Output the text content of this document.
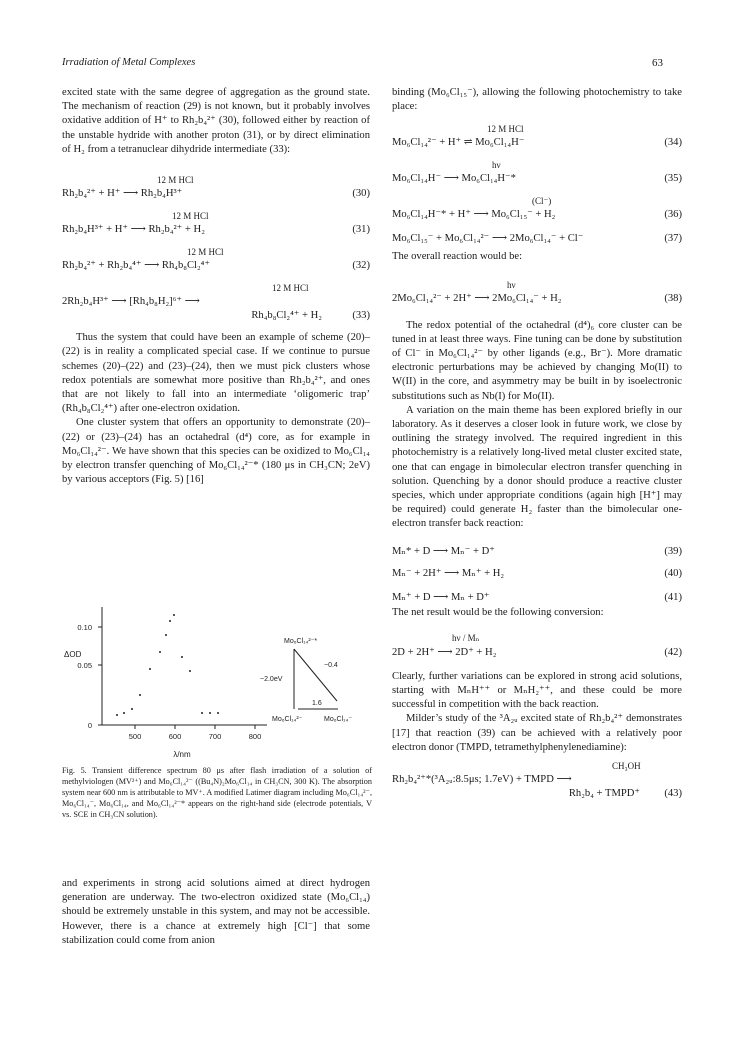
Irradiation of Metal Complexes	63

excited state with the same degree of aggregation as the ground state. The mechanism of reaction (29) is not known, but it probably involves oxidative addition of H⁺ to Rh₂b₄²⁺ (30), followed either by reaction of the unstable hydride with another proton (31), or by direct elimination of H₂ from a tetranuclear dihydride intermediate (33):

12 M HCl
Rh₂b₄²⁺ + H⁺ ⟶ Rh₂b₄H³⁺	(30)
12 M HCl
Rh₂b₄H³⁺ + H⁺ ⟶ Rh₂b₄²⁺ + H₂	(31)
12 M HCl
Rh₂b₄²⁺ + Rh₂b₄⁴⁺ ⟶ Rh₄b₈Cl₂⁴⁺	(32)
12 M HCl
2Rh₂b₄H³⁺ ⟶ [Rh₄b₈H₂]⁶⁺ ⟶
Rh₄b₈Cl₂⁴⁺ + H₂	(33)

Thus the system that could have been an example of scheme (20)–(22) is in reality a complicated special case. If we continue to pursue schemes (20)–(22) and (23)–(24), then we must pick clusters whose redox potentials are somewhat more positive than Rh₂b₄²⁺, and ones that are not likely to fall into an intermediate ‘oligomeric trap’ (Rh₄b₈Cl₂⁴⁺) after one-electron oxidation.

One cluster system that offers an opportunity to demonstrate (20)–(22) or (23)–(24) has an octahedral (d⁴) core, as for example in Mo₆Cl₁₄²⁻. We have shown that this species can be oxidized to Mo₆Cl₁₄ by electron transfer quenching of Mo₆Cl₁₄²⁻* (180 μs in CH₃CN; 2eV) by various acceptors (Fig. 5) [16]

ΔOD
0
0.05
0.10
500	600	700	800
λ/nm
Mo₆Cl₁₄²⁻*
−2.0eV
−0.4
1.6
Mo₆Cl₁₄²⁻	Mo₆Cl₁₄⁻
Fig. 5. Transient difference spectrum 80 μs after flash irradiation of a solution of methylviologen (MV²⁺) and Mo₆Cl₁₄²⁻ ((Bu₄N)₂Mo₆Cl₁₄ in CH₃CN, 300 K). The absorption system near 600 nm is attributable to MV⁺. A modified Latimer diagram including Mo₆Cl₁₄²⁻, Mo₆Cl₁₄⁻, Mo₆Cl₁₄, and Mo₆Cl₁₄²⁻* appears on the right-hand side (electrode potentials, V vs. SCE in CH₃CN solution).

and experiments in strong acid solutions aimed at direct hydrogen generation are underway. The two-electron oxidized state (Mo₆Cl₁₄) should be extremely unstable in this system, and may not be accessible. However, there is a chance at extremely high [Cl⁻] that some stabilization could come from anion

binding (Mo₆Cl₁₅⁻), allowing the following photochemistry to take place:

12 M HCl
Mo₆Cl₁₄²⁻ + H⁺ ⇌ Mo₆Cl₁₄H⁻	(34)
hν
Mo₆Cl₁₄H⁻ ⟶ Mo₆Cl₁₄H⁻*	(35)
(Cl⁻)
Mo₆Cl₁₄H⁻* + H⁺ ⟶ Mo₆Cl₁₅⁻ + H₂	(36)
Mo₆Cl₁₅⁻ + Mo₆Cl₁₄²⁻ ⟶ 2Mo₆Cl₁₄⁻ + Cl⁻	(37)

The overall reaction would be:

hν
2Mo₆Cl₁₄²⁻ + 2H⁺ ⟶ 2Mo₆Cl₁₄⁻ + H₂	(38)

The redox potential of the octahedral (d⁴)₆ core cluster can be tuned in at least three ways. Fine tuning can be done by substitution of Cl⁻ in Mo₆Cl₁₄²⁻ by other ligands (e.g., Br⁻). More dramatic electronic perturbations may be achieved by changing Mo(II) to W(II) in the core, and asymmetry may be built in by isoelectronic substitutions such as Nb(I) for Mo(II).

A variation on the main theme has been explored briefly in our laboratory. As it deserves a closer look in future work, we close by outlining the strategy involved. The required ingredient in this photochemistry is a relatively long-lived metal cluster excited state, one that can engage in bimolecular electron transfer quenching in solution. Quenching by a donor should produce a reactive cluster species, which under appropriate conditions (again high [H⁺] may be required) could generate H₂ faster than the bimolecular one-electron transfer back reaction:

Mₙ* + D ⟶ Mₙ⁻ + D⁺	(39)
Mₙ⁻ + 2H⁺ ⟶ Mₙ⁺ + H₂	(40)
Mₙ⁺ + D ⟶ Mₙ + D⁺	(41)

The net result would be the following conversion:

hν / Mₙ
2D + 2H⁺ ⟶ 2D⁺ + H₂	(42)

Clearly, further variations can be explored in strong acid solutions, starting with MₙH⁺⁺ or MₙH₂⁺⁺, and these could be more successful in competition with the back reaction.

Milder’s study of the ³A₂ᵤ excited state of Rh₂b₄²⁺ demonstrates [17] that reaction (39) can be achieved with a relatively poor electron donor (TMPD, tetramethylphenylenediamine):

CH₃OH
Rh₂b₄²⁺*(³A₂ᵤ:8.5μs; 1.7eV) + TMPD ⟶
Rh₂b₄ + TMPD⁺	(43)
